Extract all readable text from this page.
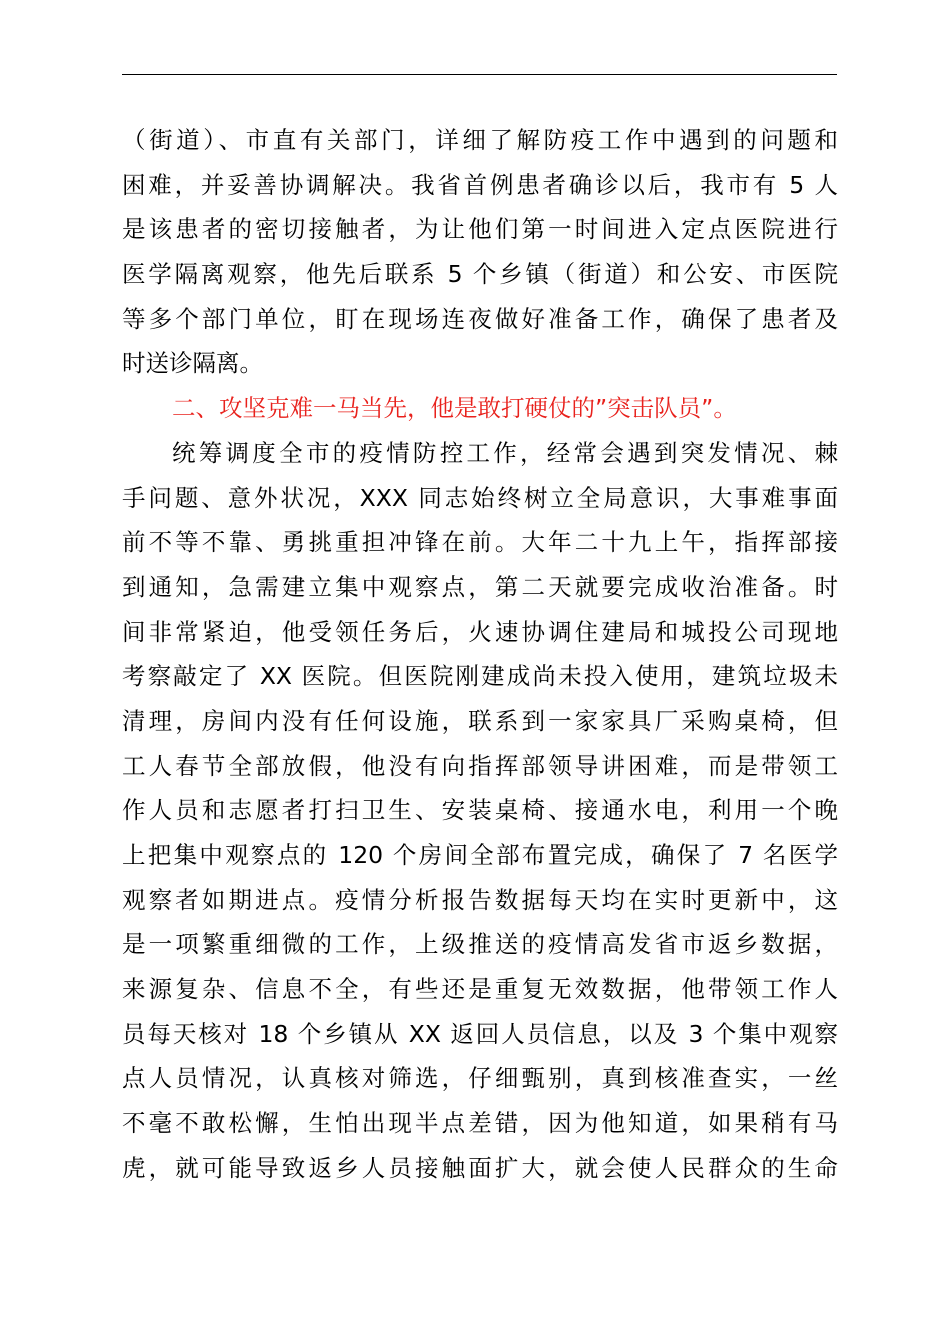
（街道）、市直有关部门，详细了解防疫工作中遇到的问题和
困难，并妥善协调解决。我省首例患者确诊以后，我市有 5 人
是该患者的密切接触者，为让他们第一时间进入定点医院进行
医学隔离观察，他先后联系 5 个乡镇（街道）和公安、市医院
等多个部门单位，盯在现场连夜做好准备工作，确保了患者及
时送诊隔离。
二、攻坚克难一马当先，他是敢打硬仗的”突击队员”。
统筹调度全市的疫情防控工作，经常会遇到突发情况、棘
手问题、意外状况，XXX 同志始终树立全局意识，大事难事面
前不等不靠、勇挑重担冲锋在前。大年二十九上午，指挥部接
到通知，急需建立集中观察点，第二天就要完成收治准备。时
间非常紧迫，他受领任务后，火速协调住建局和城投公司现地
考察敲定了 XX 医院。但医院刚建成尚未投入使用，建筑垃圾未
清理，房间内没有任何设施，联系到一家家具厂采购桌椅，但
工人春节全部放假，他没有向指挥部领导讲困难，而是带领工
作人员和志愿者打扫卫生、安装桌椅、接通水电，利用一个晚
上把集中观察点的 120 个房间全部布置完成，确保了 7 名医学
观察者如期进点。疫情分析报告数据每天均在实时更新中，这
是一项繁重细微的工作，上级推送的疫情高发省市返乡数据，
来源复杂、信息不全，有些还是重复无效数据，他带领工作人
员每天核对 18 个乡镇从 XX 返回人员信息，以及 3 个集中观察
点人员情况，认真核对筛选，仔细甄别，真到核准查实，一丝
不毫不敢松懈，生怕出现半点差错，因为他知道，如果稍有马
虎，就可能导致返乡人员接触面扩大，就会使人民群众的生命
